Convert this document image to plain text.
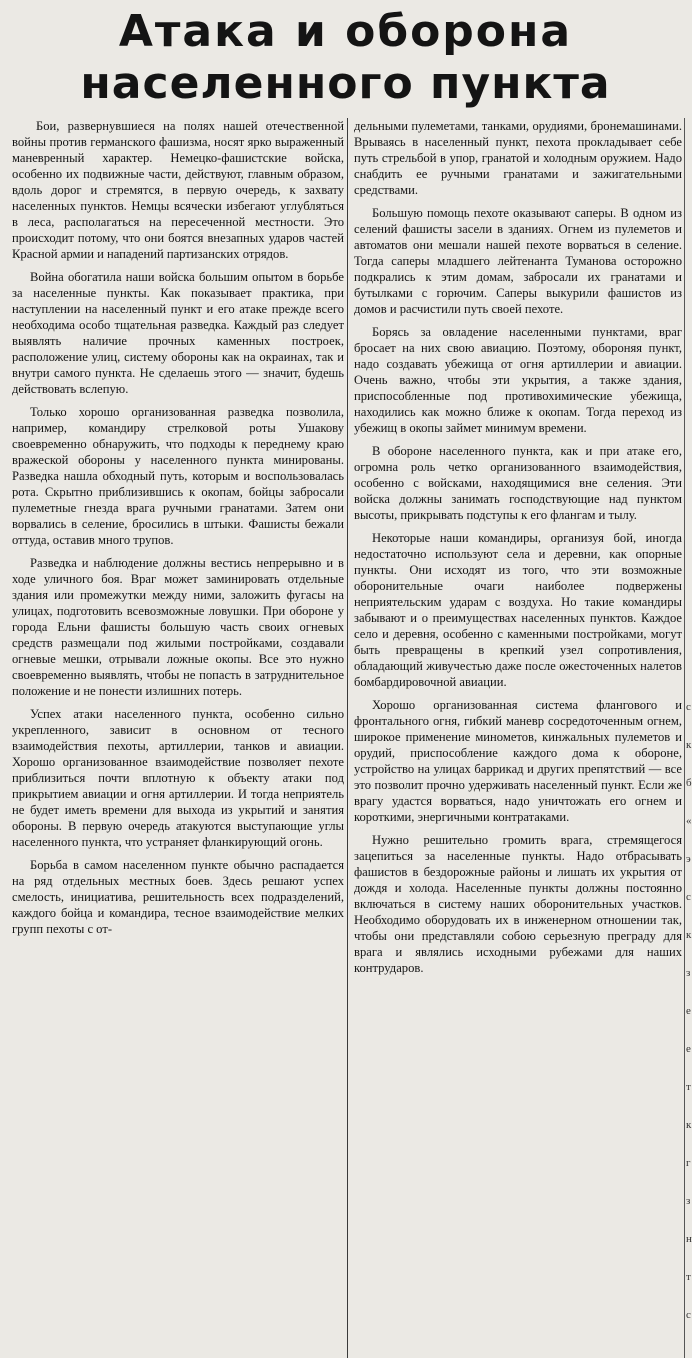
Атака и оборона
населенного пункта

Бои, развернувшиеся на полях нашей отечественной войны против германского фашизма, носят ярко выраженный маневренный характер. Немецко-фашистские войска, особенно их подвижные части, действуют, главным образом, вдоль дорог и стремятся, в первую очередь, к захвату населенных пунктов. Немцы всячески избегают углубляться в леса, располагаться на пересеченной местности. Это происходит потому, что они боятся внезапных ударов частей Красной армии и нападений партизанских отрядов.

Война обогатила наши войска большим опытом в борьбе за населенные пункты. Как показывает практика, при наступлении на населенный пункт и его атаке прежде всего необходима особо тщательная разведка. Каждый раз следует выявлять наличие прочных каменных построек, расположение улиц, систему обороны как на окраинах, так и внутри самого пункта. Не сделаешь этого — значит, будешь действовать вслепую.

Только хорошо организованная разведка позволила, например, командиру стрелковой роты Ушакову своевременно обнаружить, что подходы к переднему краю вражеской обороны у населенного пункта минированы. Разведка нашла обходный путь, которым и воспользовалась рота. Скрытно приблизившись к окопам, бойцы забросали пулеметные гнезда врага ручными гранатами. Затем они ворвались в селение, бросились в штыки. Фашисты бежали оттуда, оставив много трупов.

Разведка и наблюдение должны вестись непрерывно и в ходе уличного боя. Враг может заминировать отдельные здания или промежутки между ними, заложить фугасы на улицах, подготовить всевозможные ловушки. При обороне у города Ельни фашисты большую часть своих огневых средств размещали под жилыми постройками, создавали огневые мешки, отрывали ложные окопы. Все это нужно своевременно выявлять, чтобы не попасть в затруднительное положение и не понести излишних потерь.

Успех атаки населенного пункта, особенно сильно укрепленного, зависит в основном от тесного взаимодействия пехоты, артиллерии, танков и авиации. Хорошо организованное взаимодействие позволяет пехоте приблизиться почти вплотную к объекту атаки под прикрытием авиации и огня артиллерии. И тогда неприятель не будет иметь времени для выхода из укрытий и занятия обороны. В первую очередь атакуются выступающие углы населенного пункта, что устраняет фланкирующий огонь.

Борьба в самом населенном пункте обычно распадается на ряд отдельных местных боев. Здесь решают успех смелость, инициатива, решительность всех подразделений, каждого бойца и командира, тесное взаимодействие мелких групп пехоты с от-

дельными пулеметами, танками, орудиями, бронемашинами. Врываясь в населенный пункт, пехота прокладывает себе путь стрельбой в упор, гранатой и холодным оружием. Надо снабдить ее ручными гранатами и зажигательными средствами.

Большую помощь пехоте оказывают саперы. В одном из селений фашисты засели в зданиях. Огнем из пулеметов и автоматов они мешали нашей пехоте ворваться в селение. Тогда саперы младшего лейтенанта Туманова осторожно подкрались к этим домам, забросали их гранатами и бутылками с горючим. Саперы выкурили фашистов из домов и расчистили путь своей пехоте.

Борясь за овладение населенными пунктами, враг бросает на них свою авиацию. Поэтому, обороняя пункт, надо создавать убежища от огня артиллерии и авиации. Очень важно, чтобы эти укрытия, а также здания, приспособленные под противохимические убежища, находились как можно ближе к окопам. Тогда переход из убежищ в окопы займет минимум времени.

В обороне населенного пункта, как и при атаке его, огромна роль четко организованного взаимодействия, особенно с войсками, находящимися вне селения. Эти войска должны занимать господствующие над пунктом высоты, прикрывать подступы к его флангам и тылу.

Некоторые наши командиры, организуя бой, иногда недостаточно используют села и деревни, как опорные пункты. Они исходят из того, что эти возможные оборонительные очаги наиболее подвержены неприятельским ударам с воздуха. Но такие командиры забывают и о преимуществах населенных пунктов. Каждое село и деревня, особенно с каменными постройками, могут быть превращены в крепкий узел сопротивления, обладающий живучестью даже после ожесточенных налетов бомбардировочной авиации.

Хорошо организованная система флангового и фронтального огня, гибкий маневр сосредоточенным огнем, широкое применение минометов, кинжальных пулеметов и орудий, приспособление каждого дома к обороне, устройство на улицах баррикад и других препятствий — все это позволит прочно удерживать населенный пункт. Если же врагу удастся ворваться, надо уничтожать его огнем и короткими, энергичными контратаками.

Нужно решительно громить врага, стремящегося зацепиться за населенные пункты. Надо отбрасывать фашистов в бездорожные районы и лишать их укрытия от дождя и холода. Населенные пункты должны постоянно включаться в систему наших оборонительных участков. Необходимо оборудовать их в инженерном отношении так, чтобы они представляли собою серьезную преграду для врага и являлись исходными рубежами для наших контрударов.

с
к
б
«
э
с
к
з
е
е
т
к
г
з
н
т
с
